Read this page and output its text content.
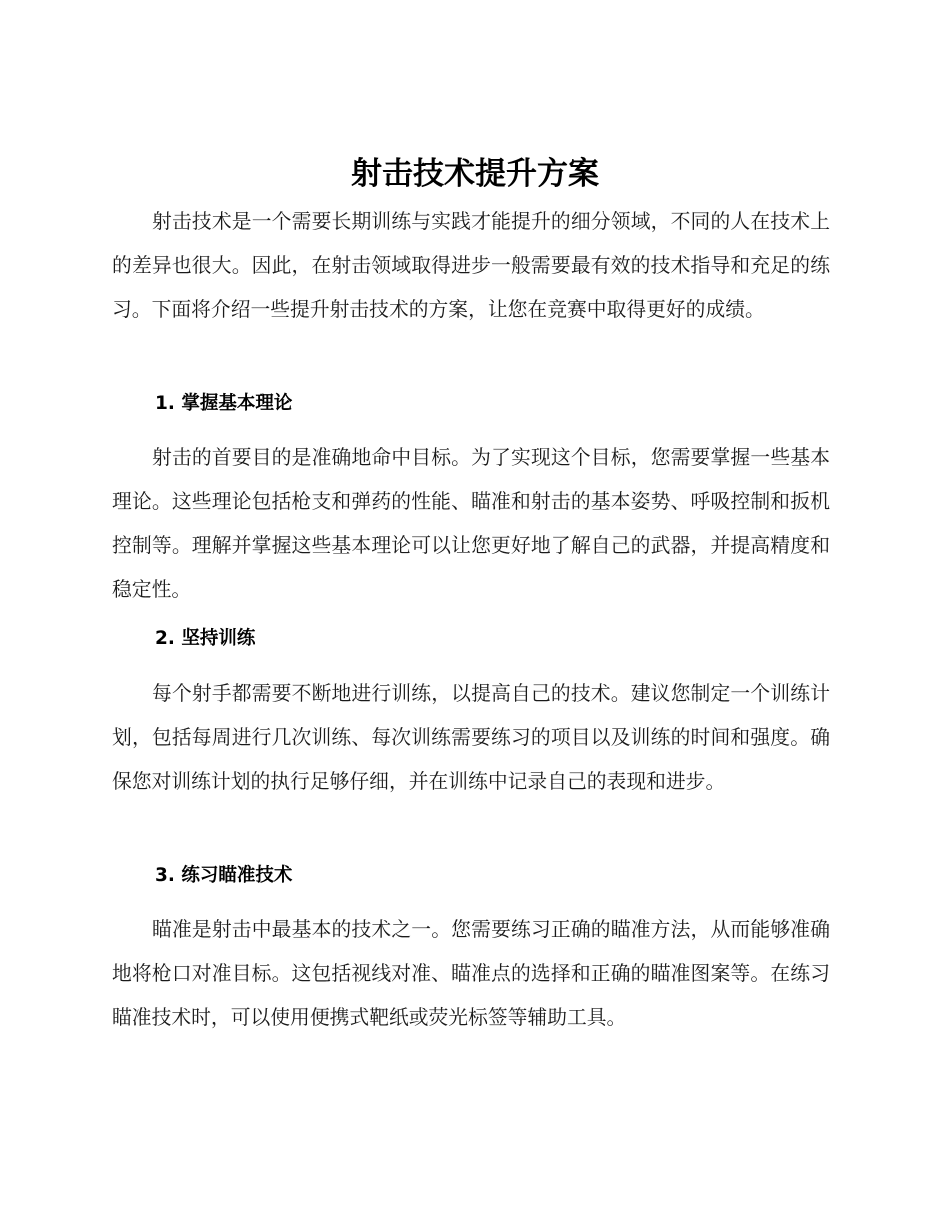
射击技术提升方案

射击技术是一个需要长期训练与实践才能提升的细分领域，不同的人在技术上的差异也很大。因此，在射击领域取得进步一般需要最有效的技术指导和充足的练习。下面将介绍一些提升射击技术的方案，让您在竞赛中取得更好的成绩。

1. 掌握基本理论

射击的首要目的是准确地命中目标。为了实现这个目标，您需要掌握一些基本理论。这些理论包括枪支和弹药的性能、瞄准和射击的基本姿势、呼吸控制和扳机控制等。理解并掌握这些基本理论可以让您更好地了解自己的武器，并提高精度和稳定性。

2. 坚持训练

每个射手都需要不断地进行训练，以提高自己的技术。建议您制定一个训练计划，包括每周进行几次训练、每次训练需要练习的项目以及训练的时间和强度。确保您对训练计划的执行足够仔细，并在训练中记录自己的表现和进步。

3. 练习瞄准技术

瞄准是射击中最基本的技术之一。您需要练习正确的瞄准方法，从而能够准确地将枪口对准目标。这包括视线对准、瞄准点的选择和正确的瞄准图案等。在练习瞄准技术时，可以使用便携式靶纸或荧光标签等辅助工具。
